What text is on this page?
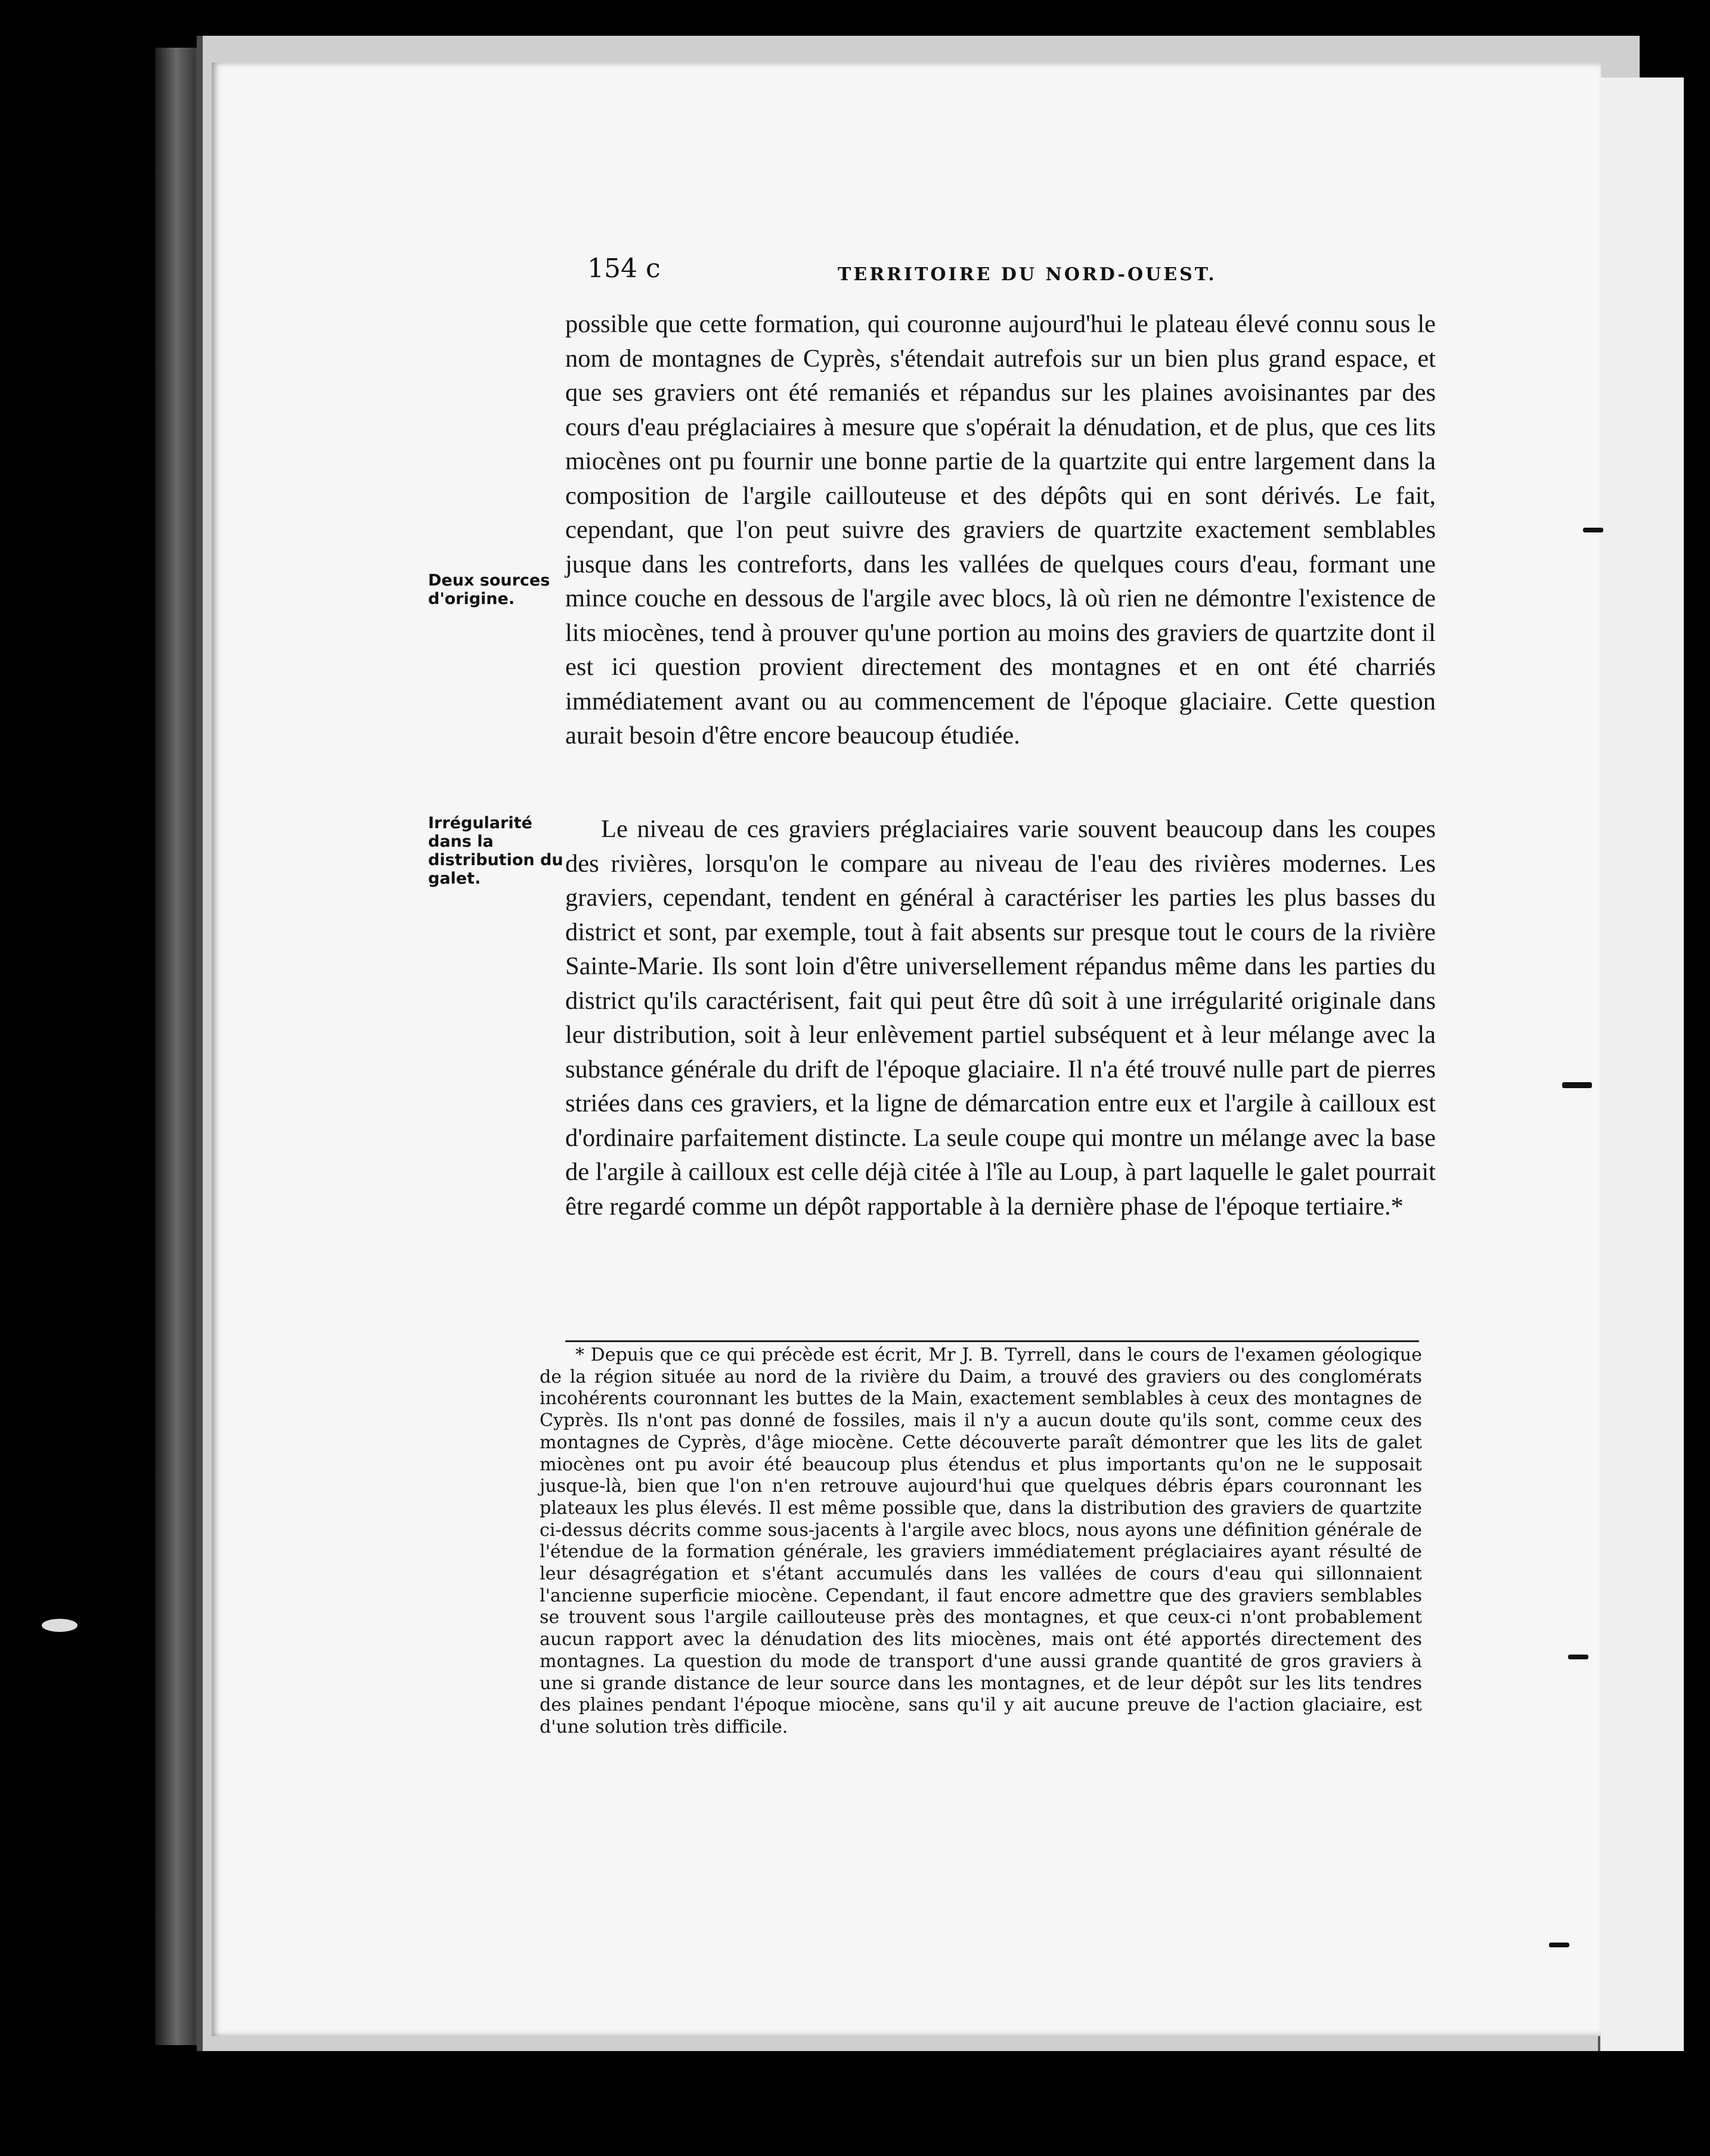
154 c	TERRITOIRE DU NORD-OUEST.
Deux sources d'origine.
Irrégularité dans la distribution du galet.

possible que cette formation, qui couronne aujourd'hui le plateau élevé connu sous le nom de montagnes de Cyprès, s'étendait autrefois sur un bien plus grand espace, et que ses graviers ont été remaniés et répandus sur les plaines avoisinantes par des cours d'eau préglaciaires à mesure que s'opérait la dénudation, et de plus, que ces lits miocènes ont pu fournir une bonne partie de la quartzite qui entre largement dans la composition de l'argile caillouteuse et des dépôts qui en sont dérivés. Le fait, cependant, que l'on peut suivre des graviers de quartzite exactement semblables jusque dans les contreforts, dans les vallées de quelques cours d'eau, formant une mince couche en dessous de l'argile avec blocs, là où rien ne démontre l'existence de lits miocènes, tend à prouver qu'une portion au moins des graviers de quartzite dont il est ici question provient directement des montagnes et en ont été charriés immédiatement avant ou au commencement de l'époque glaciaire. Cette question aurait besoin d'être encore beaucoup étudiée.

Le niveau de ces graviers préglaciaires varie souvent beaucoup dans les coupes des rivières, lorsqu'on le compare au niveau de l'eau des rivières modernes. Les graviers, cependant, tendent en général à caractériser les parties les plus basses du district et sont, par exemple, tout à fait absents sur presque tout le cours de la rivière Sainte-Marie. Ils sont loin d'être universellement répandus même dans les parties du district qu'ils caractérisent, fait qui peut être dû soit à une irrégularité originale dans leur distribution, soit à leur enlèvement partiel subséquent et à leur mélange avec la substance générale du drift de l'époque glaciaire. Il n'a été trouvé nulle part de pierres striées dans ces graviers, et la ligne de démarcation entre eux et l'argile à cailloux est d'ordinaire parfaitement distincte. La seule coupe qui montre un mélange avec la base de l'argile à cailloux est celle déjà citée à l'île au Loup, à part laquelle le galet pourrait être regardé comme un dépôt rapportable à la dernière phase de l'époque tertiaire.*

* Depuis que ce qui précède est écrit, Mr J. B. Tyrrell, dans le cours de l'examen géologique de la région située au nord de la rivière du Daim, a trouvé des graviers ou des conglomérats incohérents couronnant les buttes de la Main, exactement semblables à ceux des montagnes de Cyprès. Ils n'ont pas donné de fossiles, mais il n'y a aucun doute qu'ils sont, comme ceux des montagnes de Cyprès, d'âge miocène. Cette découverte paraît démontrer que les lits de galet miocènes ont pu avoir été beaucoup plus étendus et plus importants qu'on ne le supposait jusque-là, bien que l'on n'en retrouve aujourd'hui que quelques débris épars couronnant les plateaux les plus élevés. Il est même possible que, dans la distribution des graviers de quartzite ci-dessus décrits comme sous-jacents à l'argile avec blocs, nous ayons une définition générale de l'étendue de la formation générale, les graviers immédiatement préglaciaires ayant résulté de leur désagrégation et s'étant accumulés dans les vallées de cours d'eau qui sillonnaient l'ancienne superficie miocène. Cependant, il faut encore admettre que des graviers semblables se trouvent sous l'argile caillouteuse près des montagnes, et que ceux-ci n'ont probablement aucun rapport avec la dénudation des lits miocènes, mais ont été apportés directement des montagnes. La question du mode de transport d'une aussi grande quantité de gros graviers à une si grande distance de leur source dans les montagnes, et de leur dépôt sur les lits tendres des plaines pendant l'époque miocène, sans qu'il y ait aucune preuve de l'action glaciaire, est d'une solution très difficile.
